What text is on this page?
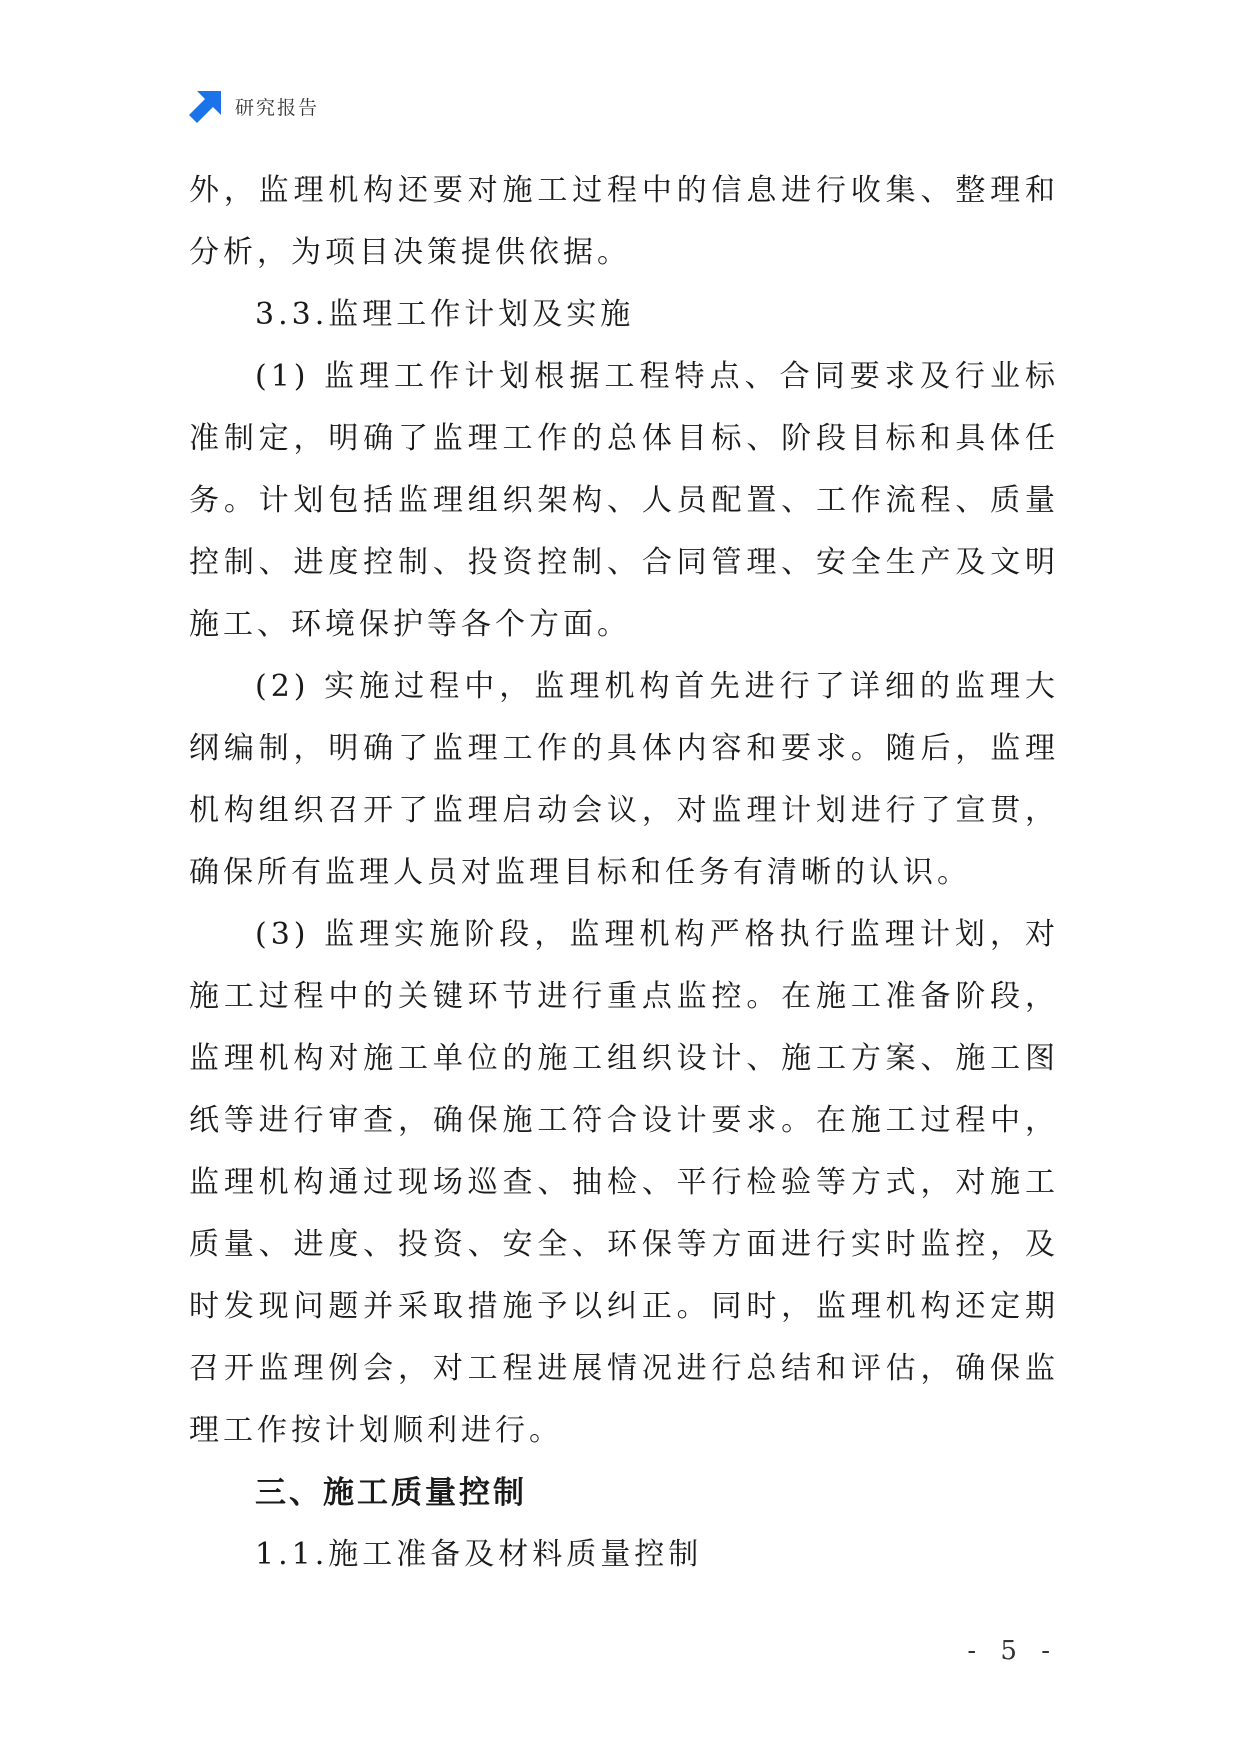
研究报告

外，监理机构还要对施工过程中的信息进行收集、整理和分析，为项目决策提供依据。

3.3.监理工作计划及实施

(1) 监理工作计划根据工程特点、合同要求及行业标准制定，明确了监理工作的总体目标、阶段目标和具体任务。计划包括监理组织架构、人员配置、工作流程、质量控制、进度控制、投资控制、合同管理、安全生产及文明施工、环境保护等各个方面。

(2) 实施过程中，监理机构首先进行了详细的监理大纲编制，明确了监理工作的具体内容和要求。随后，监理机构组织召开了监理启动会议，对监理计划进行了宣贯，确保所有监理人员对监理目标和任务有清晰的认识。

(3) 监理实施阶段，监理机构严格执行监理计划，对施工过程中的关键环节进行重点监控。在施工准备阶段，监理机构对施工单位的施工组织设计、施工方案、施工图纸等进行审查，确保施工符合设计要求。在施工过程中，监理机构通过现场巡查、抽检、平行检验等方式，对施工质量、进度、投资、安全、环保等方面进行实时监控，及时发现问题并采取措施予以纠正。同时，监理机构还定期召开监理例会，对工程进展情况进行总结和评估，确保监理工作按计划顺利进行。

三、施工质量控制

1.1.施工准备及材料质量控制

- 5 -
